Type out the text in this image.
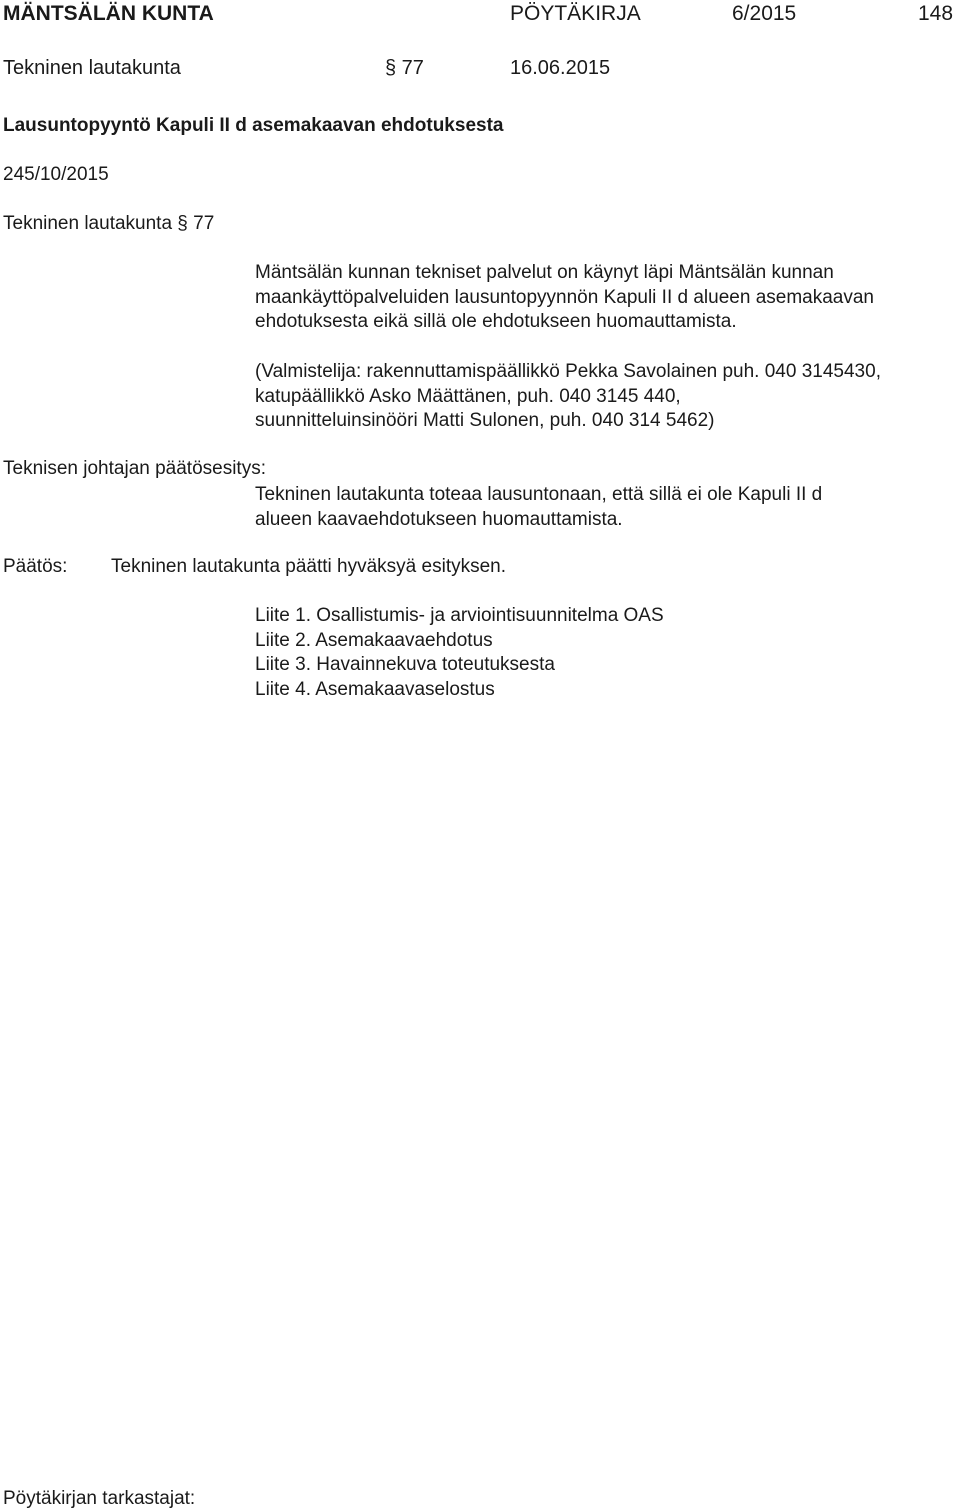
MÄNTSÄLÄN KUNTA	PÖYTÄKIRJA	6/2015	148
Tekninen lautakunta	§ 77	16.06.2015
Lausuntopyyntö Kapuli II d asemakaavan ehdotuksesta
245/10/2015
Tekninen lautakunta § 77
Mäntsälän kunnan tekniset palvelut on käynyt läpi Mäntsälän kunnan
maankäyttöpalveluiden lausuntopyynnön Kapuli II d alueen asemakaavan
ehdotuksesta eikä sillä ole ehdotukseen huomauttamista.
(Valmistelija: rakennuttamispäällikkö Pekka Savolainen puh. 040 3145430,
katupäällikkö Asko Määttänen, puh. 040 3145 440,
suunnitteluinsinööri Matti Sulonen, puh. 040 314 5462)
Teknisen johtajan päätösesitys:
Tekninen lautakunta toteaa lausuntonaan, että sillä ei ole Kapuli II d
alueen kaavaehdotukseen huomauttamista.
Päätös: Tekninen lautakunta päätti hyväksyä esityksen.
Liite 1. Osallistumis- ja arviointisuunnitelma OAS
Liite 2. Asemakaavaehdotus
Liite 3. Havainnekuva toteutuksesta
Liite 4. Asemakaavaselostus
Pöytäkirjan tarkastajat:
